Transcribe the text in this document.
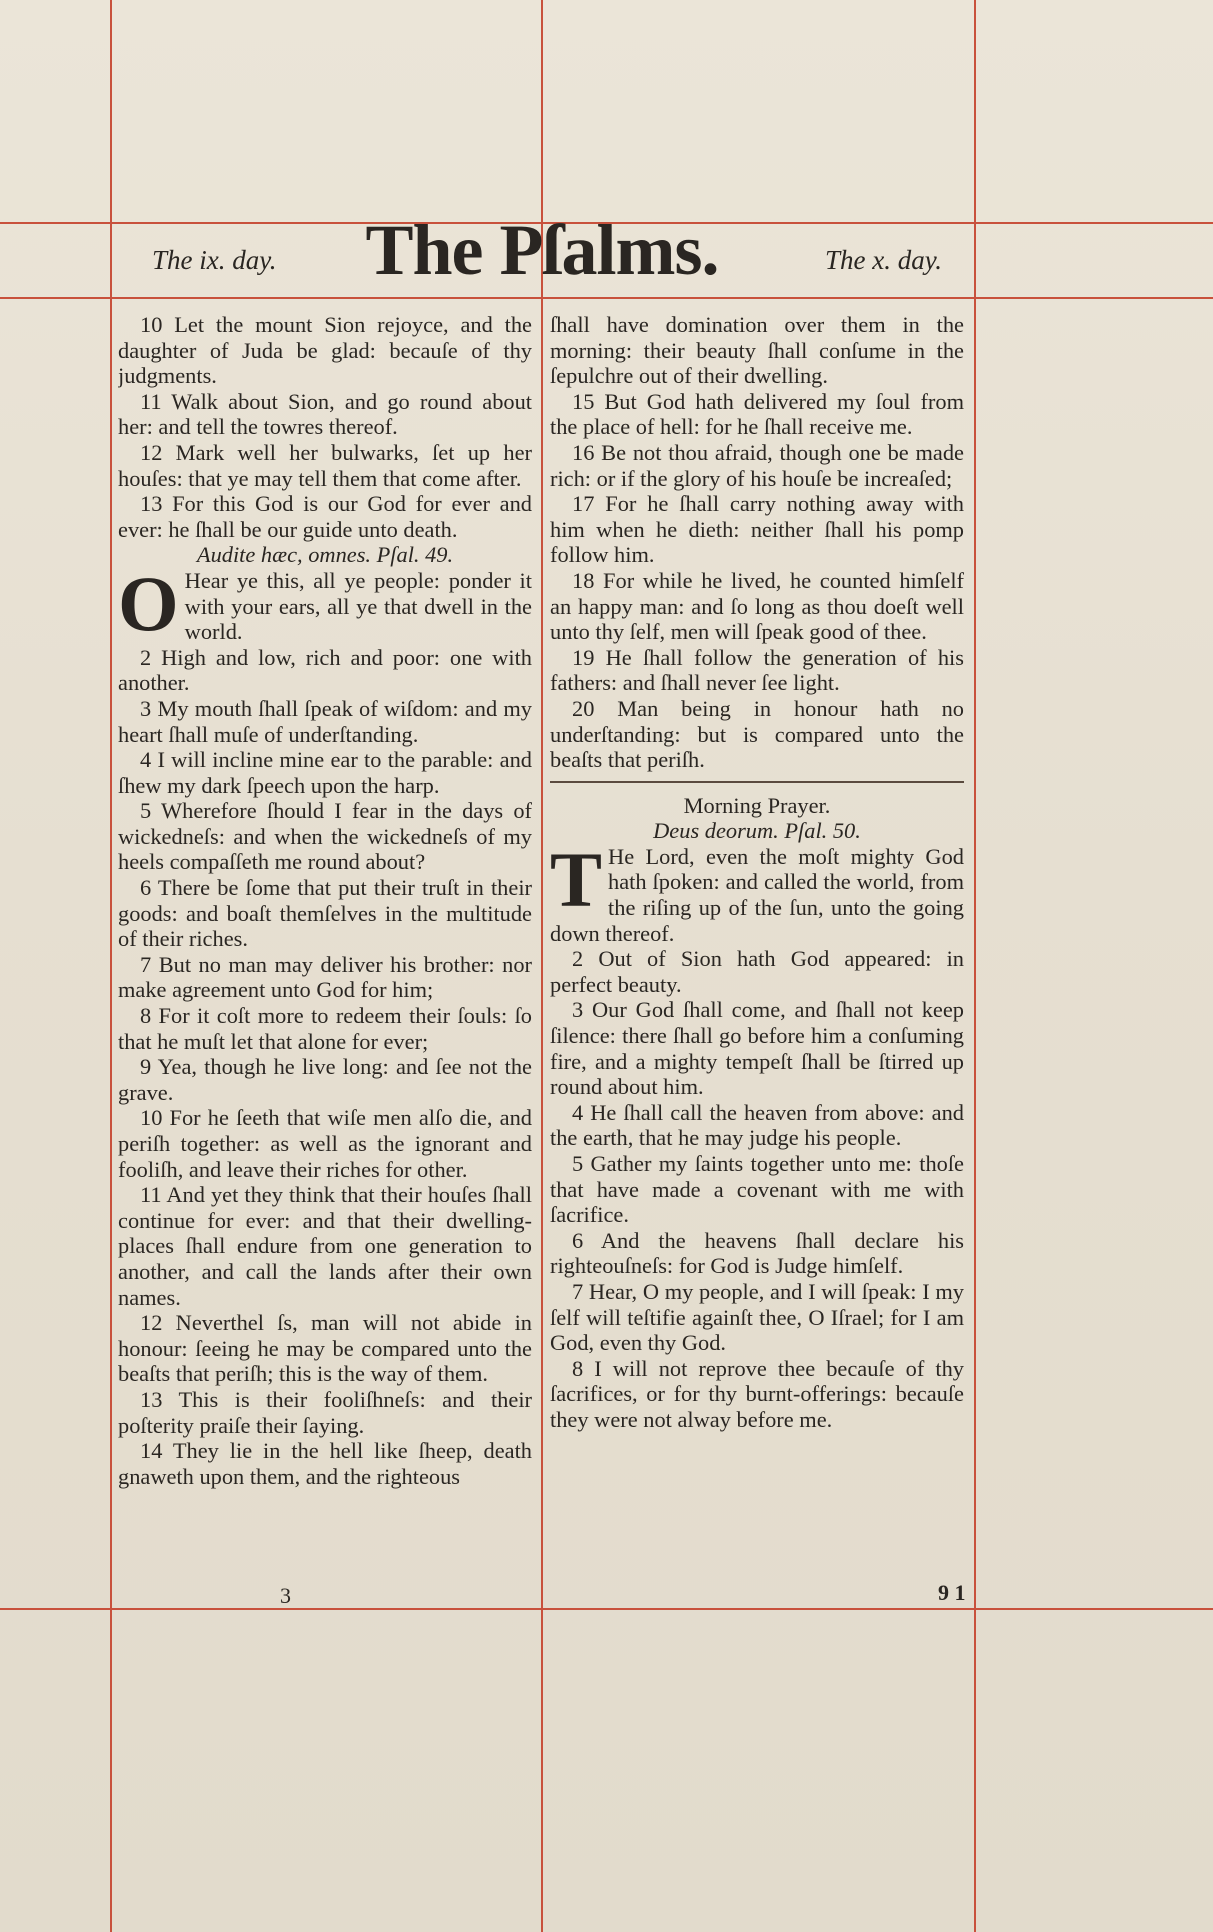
The ix. day.	The Pſalms.	The x. day.

10 Let the mount Sion rejoyce, and the daughter of Juda be glad: becauſe of thy judgments.

11 Walk about Sion, and go round about her: and tell the towres thereof.

12 Mark well her bulwarks, ſet up her houſes: that ye may tell them that come after.

13 For this God is our God for ever and ever: he ſhall be our guide unto death.

Audite hæc, omnes. Pſal. 49.

O Hear ye this, all ye people: ponder it with your ears, all ye that dwell in the world.

2 High and low, rich and poor: one with another.

3 My mouth ſhall ſpeak of wiſdom: and my heart ſhall muſe of underſtanding.

4 I will incline mine ear to the parable: and ſhew my dark ſpeech upon the harp.

5 Wherefore ſhould I fear in the days of wickedneſs: and when the wickedneſs of my heels compaſſeth me round about?

6 There be ſome that put their truſt in their goods: and boaſt themſelves in the multitude of their riches.

7 But no man may deliver his brother: nor make agreement unto God for him;

8 For it coſt more to redeem their ſouls: ſo that he muſt let that alone for ever;

9 Yea, though he live long: and ſee not the grave.

10 For he ſeeth that wiſe men alſo die, and periſh together: as well as the ignorant and fooliſh, and leave their riches for other.

11 And yet they think that their houſes ſhall continue for ever: and that their dwelling-places ſhall endure from one generation to another, and call the lands after their own names.

12 Neverthel ſs, man will not abide in honour: ſeeing he may be compared unto the beaſts that periſh; this is the way of them.

13 This is their fooliſhneſs: and their poſterity praiſe their ſaying.

14 They lie in the hell like ſheep, death gnaweth upon them, and the righteous

ſhall have domination over them in the morning: their beauty ſhall conſume in the ſepulchre out of their dwelling.

15 But God hath delivered my ſoul from the place of hell: for he ſhall receive me.

16 Be not thou afraid, though one be made rich: or if the glory of his houſe be increaſed;

17 For he ſhall carry nothing away with him when he dieth: neither ſhall his pomp follow him.

18 For while he lived, he counted himſelf an happy man: and ſo long as thou doeſt well unto thy ſelf, men will ſpeak good of thee.

19 He ſhall follow the generation of his fathers: and ſhall never ſee light.

20 Man being in honour hath no underſtanding: but is compared unto the beaſts that periſh.

Morning Prayer.

Deus deorum. Pſal. 50.

T He Lord, even the moſt mighty God hath ſpoken: and called the world, from the riſing up of the ſun, unto the going down thereof.

2 Out of Sion hath God appeared: in perfect beauty.

3 Our God ſhall come, and ſhall not keep ſilence: there ſhall go before him a conſuming fire, and a mighty tempeſt ſhall be ſtirred up round about him.

4 He ſhall call the heaven from above: and the earth, that he may judge his people.

5 Gather my ſaints together unto me: thoſe that have made a covenant with me with ſacrifice.

6 And the heavens ſhall declare his righteouſneſs: for God is Judge himſelf.

7 Hear, O my people, and I will ſpeak: I my ſelf will teſtifie againſt thee, O Iſrael; for I am God, even thy God.

8 I will not reprove thee becauſe of thy ſacrifices, or for thy burnt-offerings: becauſe they were not alway before me.

3	9 1
